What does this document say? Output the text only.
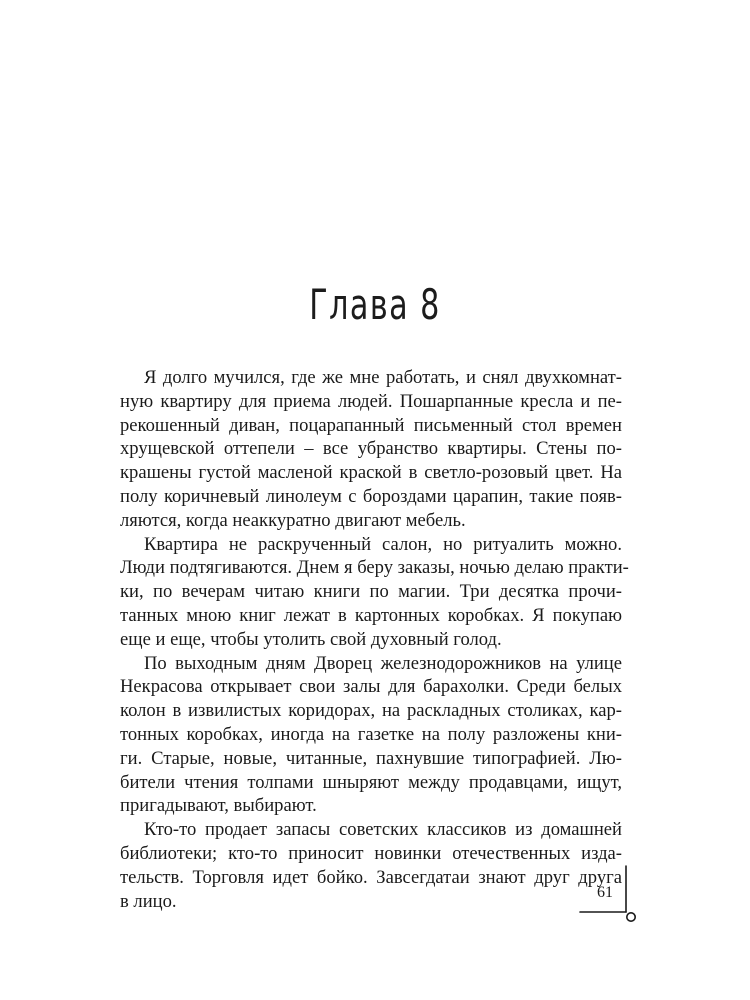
Глава 8
Я долго мучился, где же мне работать, и снял двухкомнат-
ную квартиру для приема людей. Пошарпанные кресла и пе-
рекошенный диван, поцарапанный письменный стол времен
хрущевской оттепели – все убранство квартиры. Стены по-
крашены густой масленой краской в светло-розовый цвет. На
полу коричневый линолеум с бороздами царапин, такие появ-
ляются, когда неаккуратно двигают мебель.
Квартира не раскрученный салон, но ритуалить можно.
Люди подтягиваются. Днем я беру заказы, ночью делаю практи-
ки, по вечерам читаю книги по магии. Три десятка прочи-
танных мною книг лежат в картонных коробках. Я покупаю
еще и еще, чтобы утолить свой духовный голод.
По выходным дням Дворец железнодорожников на улице
Некрасова открывает свои залы для барахолки. Среди белых
колон в извилистых коридорах, на раскладных столиках, кар-
тонных коробках, иногда на газетке на полу разложены кни-
ги. Старые, новые, читанные, пахнувшие типографией. Лю-
бители чтения толпами шныряют между продавцами, ищут,
пригадывают, выбирают.
Кто-то продает запасы советских классиков из домашней
библиотеки; кто-то приносит новинки отечественных изда-
тельств. Торговля идет бойко. Завсегдатаи знают друг друга
в лицо.	61
